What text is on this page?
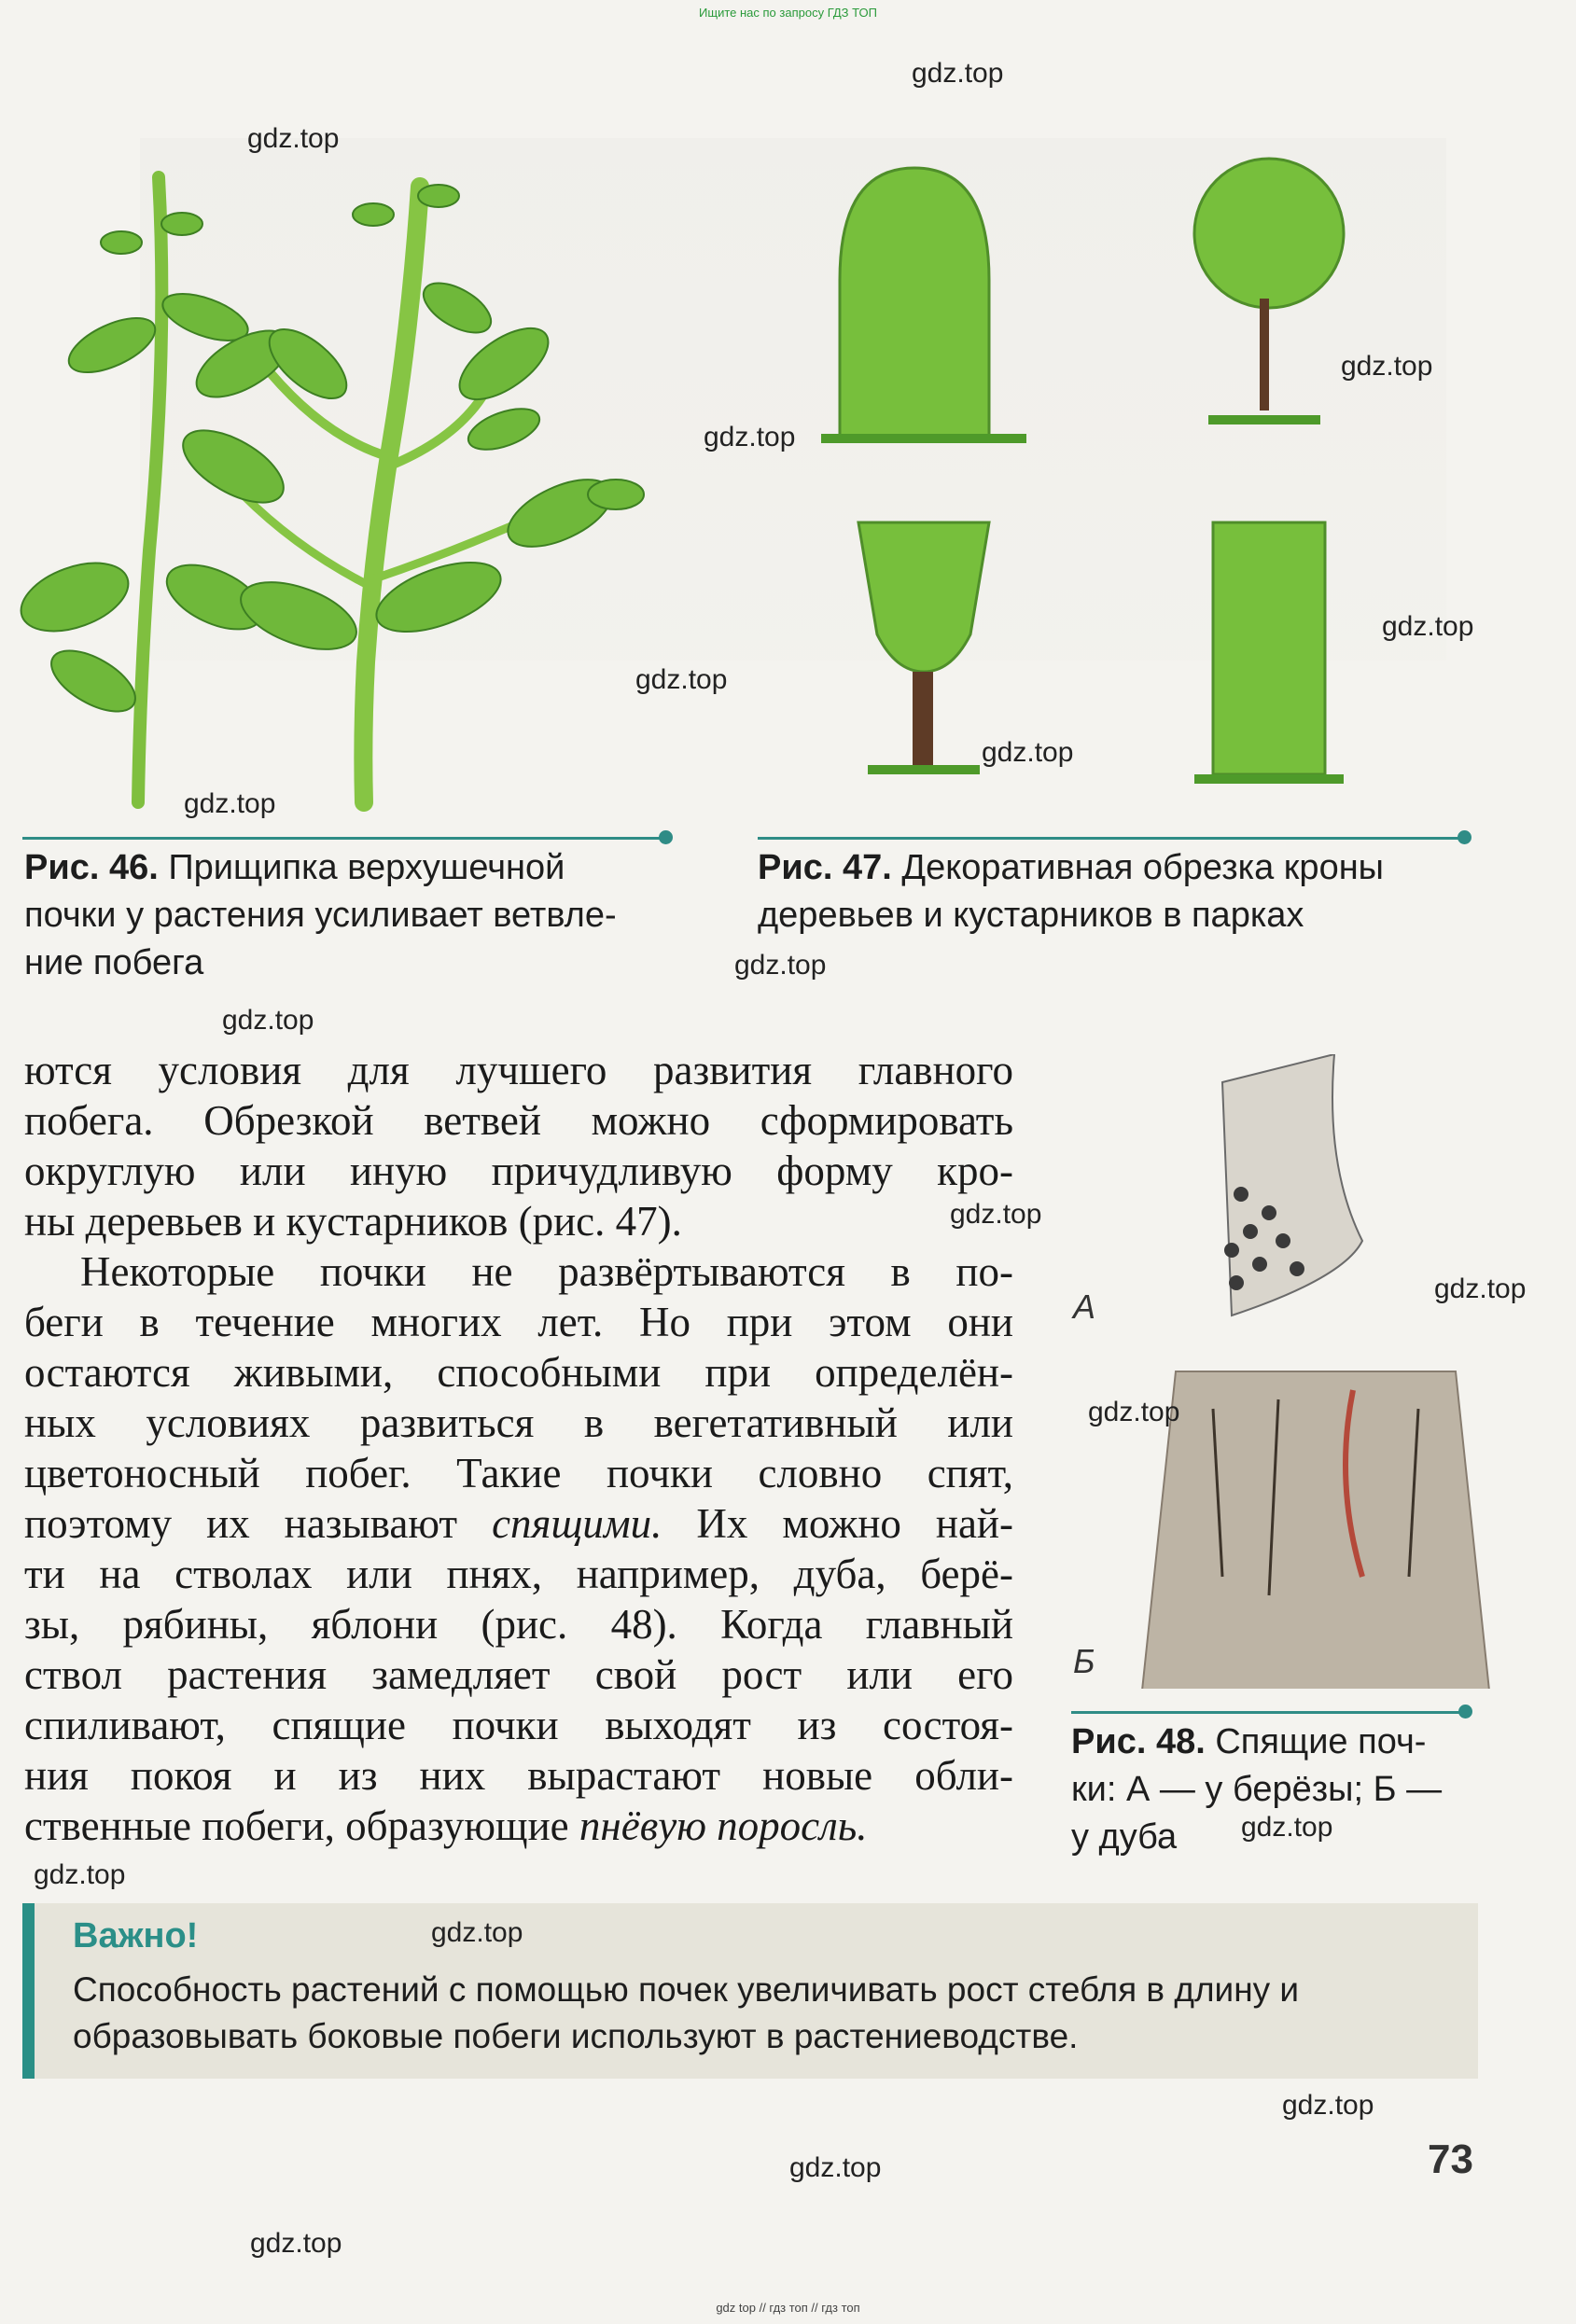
Ищите нас по запросу ГДЗ ТОП
А
Б
Рис. 46. Прищипка верхушечной
почки у растения усиливает ветвле-
ние побега
Рис. 47. Декоративная обрезка кроны
деревьев и кустарников в парках
Рис. 48. Спящие поч-
ки: А — у берёзы; Б —
у дуба
ются условия для лучшего развития главного
побега. Обрезкой ветвей можно сформировать
округлую или иную причудливую форму кро-
ны деревьев и кустарников (рис. 47).
Некоторые почки не развёртываются в по-
беги в течение многих лет. Но при этом они
остаются живыми, способными при определён-
ных условиях развиться в вегетативный или
цветоносный побег. Такие почки словно спят,
поэтому их называют спящими. Их можно най-
ти на стволах или пнях, например, дуба, берё-
зы, рябины, яблони (рис. 48). Когда главный
ствол растения замедляет свой рост или его
спиливают, спящие почки выходят из состоя-
ния покоя и из них вырастают новые обли-
ственные побеги, образующие пнёвую поросль.
Важно!
Способность растений с помощью почек увеличивать рост стебля в длину и образовывать боковые побеги используют в растениеводстве.
73
gdz.top
gdz.top
gdz.top
gdz.top
gdz.top
gdz.top
gdz.top
gdz.top
gdz.top
gdz.top
gdz.top
gdz.top
gdz.top
gdz.top
gdz.top
gdz.top
gdz.top
gdz.top
gdz.top
gdz top // гдз топ // гдз топ
